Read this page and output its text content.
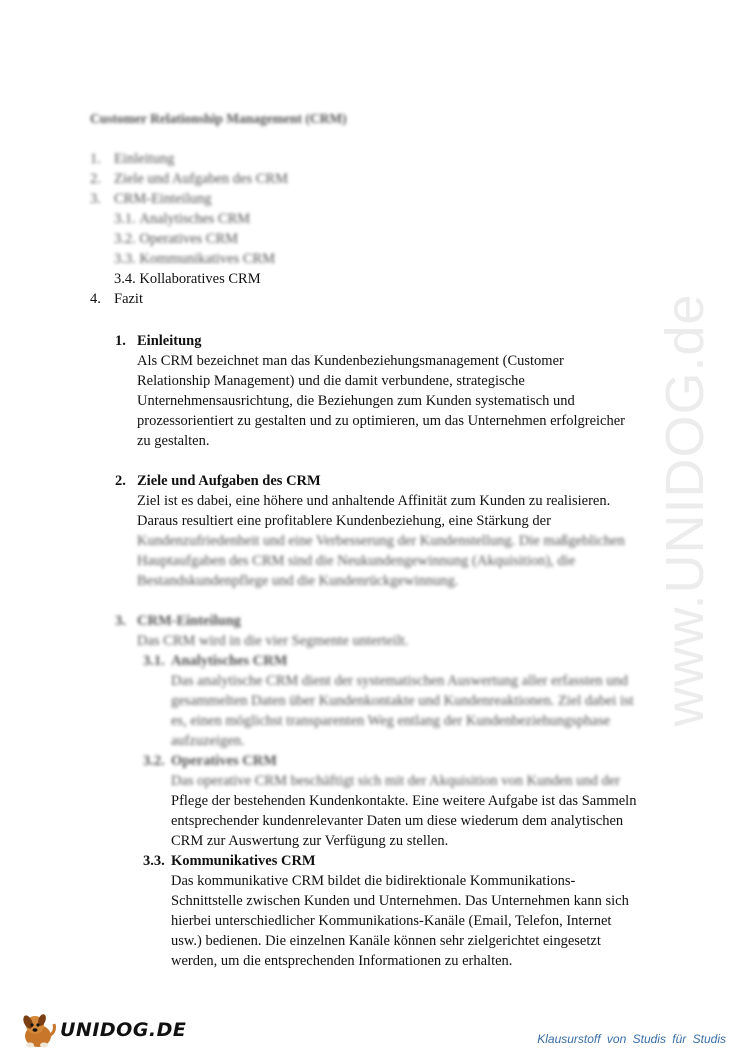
www.UNIDOG.de
Customer Relationship Management (CRM)
1. Einleitung
2. Ziele und Aufgaben des CRM
3. CRM-Einteilung
3.1.
Analytisches CRM
3.2.
Operatives CRM
3.3.
Kommunikatives CRM
3.4.
Kollaboratives CRM
4. Fazit
1. Einleitung
Als CRM bezeichnet man das Kundenbeziehungsmanagement (Customer
Relationship Management) und die damit verbundene, strategische
Unternehmensausrichtung, die Beziehungen zum Kunden systematisch und
prozessorientiert zu gestalten und zu optimieren, um das Unternehmen erfolgreicher
zu gestalten.
2. Ziele und Aufgaben des CRM
Ziel ist es dabei, eine höhere und anhaltende Affinität zum Kunden zu realisieren.
Daraus resultiert eine profitablere Kundenbeziehung, eine Stärkung der
Kundenzufriedenheit und eine Verbesserung der Kundenstellung. Die maßgeblichen
Hauptaufgaben des CRM sind die Neukundengewinnung (Akquisition), die
Bestandskundenpflege und die Kundenrückgewinnung.
3. CRM-Einteilung
Das CRM wird in die vier Segmente unterteilt.
3.1. Analytisches CRM
Das analytische CRM dient der systematischen Auswertung aller erfassten und
gesammelten Daten über Kundenkontakte und Kundenreaktionen. Ziel dabei ist
es, einen möglichst transparenten Weg entlang der Kundenbeziehungsphase
aufzuzeigen.
3.2. Operatives CRM
Das operative CRM beschäftigt sich mit der Akquisition von Kunden und der
Pflege der bestehenden Kundenkontakte. Eine weitere Aufgabe ist das Sammeln
entsprechender kundenrelevanter Daten um diese wiederum dem analytischen
CRM zur Auswertung zur Verfügung zu stellen.
3.3. Kommunikatives CRM
Das kommunikative CRM bildet die bidirektionale Kommunikations-
Schnittstelle zwischen Kunden und Unternehmen. Das Unternehmen kann sich
hierbei unterschiedlicher Kommunikations-Kanäle (Email, Telefon, Internet
usw.) bedienen. Die einzelnen Kanäle können sehr zielgerichtet eingesetzt
werden, um die entsprechenden Informationen zu erhalten.
UNIDOG.DE	Klausurstoff von Studis für Studis
